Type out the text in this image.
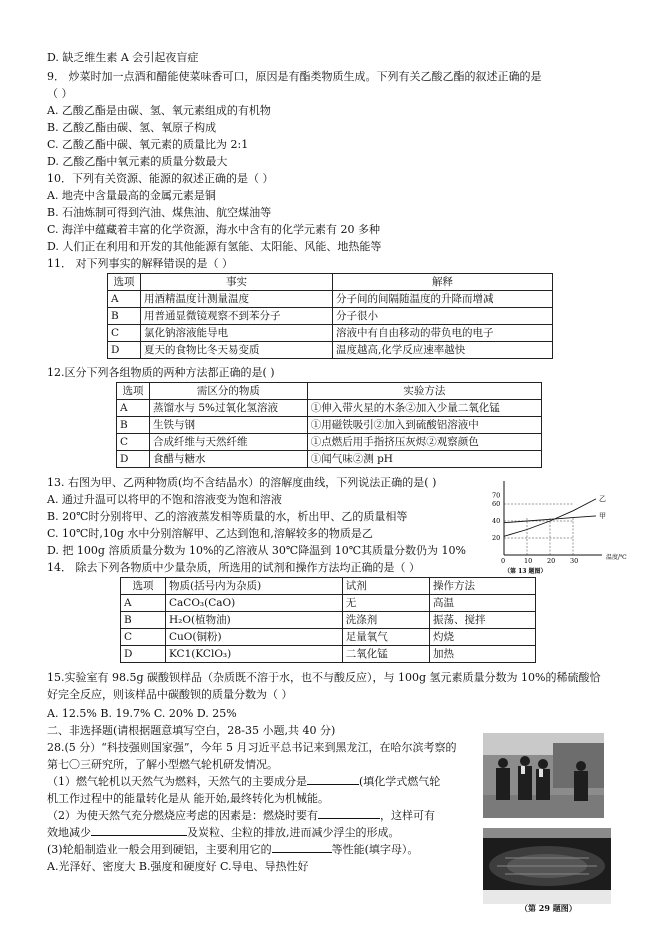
D. 缺乏维生素 A 会引起夜盲症
9． 炒菜时加一点酒和醋能使菜味香可口，原因是有酯类物质生成。下列有关乙酸乙酯的叙述正确的是
（ ）
A. 乙酸乙酯是由碳、氢、氧元素组成的有机物
B. 乙酸乙酯由碳、氢、氧原子构成
C. 乙酸乙酯中碳、氧元素的质量比为 2:1
D. 乙酸乙酯中氧元素的质量分数最大
10．下列有关资源、能源的叙述正确的是（ ）
A. 地壳中含量最高的金属元素是铜
B. 石油炼制可得到汽油、煤焦油、航空煤油等
C. 海洋中蕴藏着丰富的化学资源，海水中含有的化学元素有 20 多种
D. 人们正在利用和开发的其他能源有氢能、太阳能、风能、地热能等
11． 对下列事实的解释错误的是（ ）
选项	事实	解释
A	用酒精温度计测量温度	分子间的间隔随温度的升降而增减
B	用普通显微镜观察不到苯分子	分子很小
C	氯化钠溶液能导电	溶液中有自由移动的带负电的电子
D	夏天的食物比冬天易变质	温度越高,化学反应速率越快
12.区分下列各组物质的两种方法都正确的是( )
选项	需区分的物质	实验方法
A	蒸馏水与 5%过氧化氢溶液	①伸入带火星的木条②加入少量二氧化锰
B	生铁与钢	①用磁铁吸引②加入到硫酸铝溶液中
C	合成纤维与天然纤维	①点燃后用手指挤压灰烬②观察颜色
D	食醋与糖水	①闻气味②测 pH
13. 右图为甲、乙两种物质(均不含结晶水）的溶解度曲线，下列说法正确的是( )
A. 通过升温可以将甲的不饱和溶液变为饱和溶液
B. 20℃时分别将甲、乙的溶液蒸发相等质量的水，析出甲、乙的质量相等
C. 10℃时,10g 水中分别溶解甲、乙达到饱和,溶解较多的物质是乙
D. 把 100g 溶质质量分数为 10%的乙溶液从 30℃降温到 10℃其质量分数仍为 10%
温度/℃
0	10 20 30
20
40
60
70	乙
甲
（第 13 题图）
14． 除去下列各物质中少量杂质，所选用的试剂和操作方法均正确的是（ ）
选项	物质(括号内为杂质)	试剂	操作方法
A	CaCO₃(CaO)	无	高温
B	H₂O(植物油)	洗涤剂	振荡、搅拌
C	CuO(铜粉)	足量氧气	灼烧
D	KC1(KClO₃)	二氧化锰	加热
15.实验室有 98.5g 碳酸钡样品（杂质既不溶于水，也不与酸反应），与 100g 氢元素质量分数为 10%的稀硫酸恰
好完全反应，则该样品中碳酸钡的质量分数为（ ）
A. 12.5% B. 19.7% C. 20% D. 25%
二、非选择题(请根据题意填写空白，28-35 小题,共 40 分)
28.(5 分）“科技强则国家强”，今年 5 月习近平总书记来到黑龙江，在哈尔滨考察的
第七〇三研究所，了解小型燃气轮机研发情况。
（1）燃气轮机以天然气为燃料，天然气的主要成分是	(填化学式燃气轮
机工作过程中的能量转化是从 能开始,最终转化为机械能。
（2）为使天然气充分燃烧应考虑的因素是：燃烧时要有	，这样可有
效地减少	及炭粒、尘粒的排放,进而减少浮尘的形成。
(3)轮船制造业一般会用到硬铝，主要利用它的	等性能(填字母）。
A.光泽好、密度大 B.强度和硬度好 C.导电、导热性好
（第 29 题图）
